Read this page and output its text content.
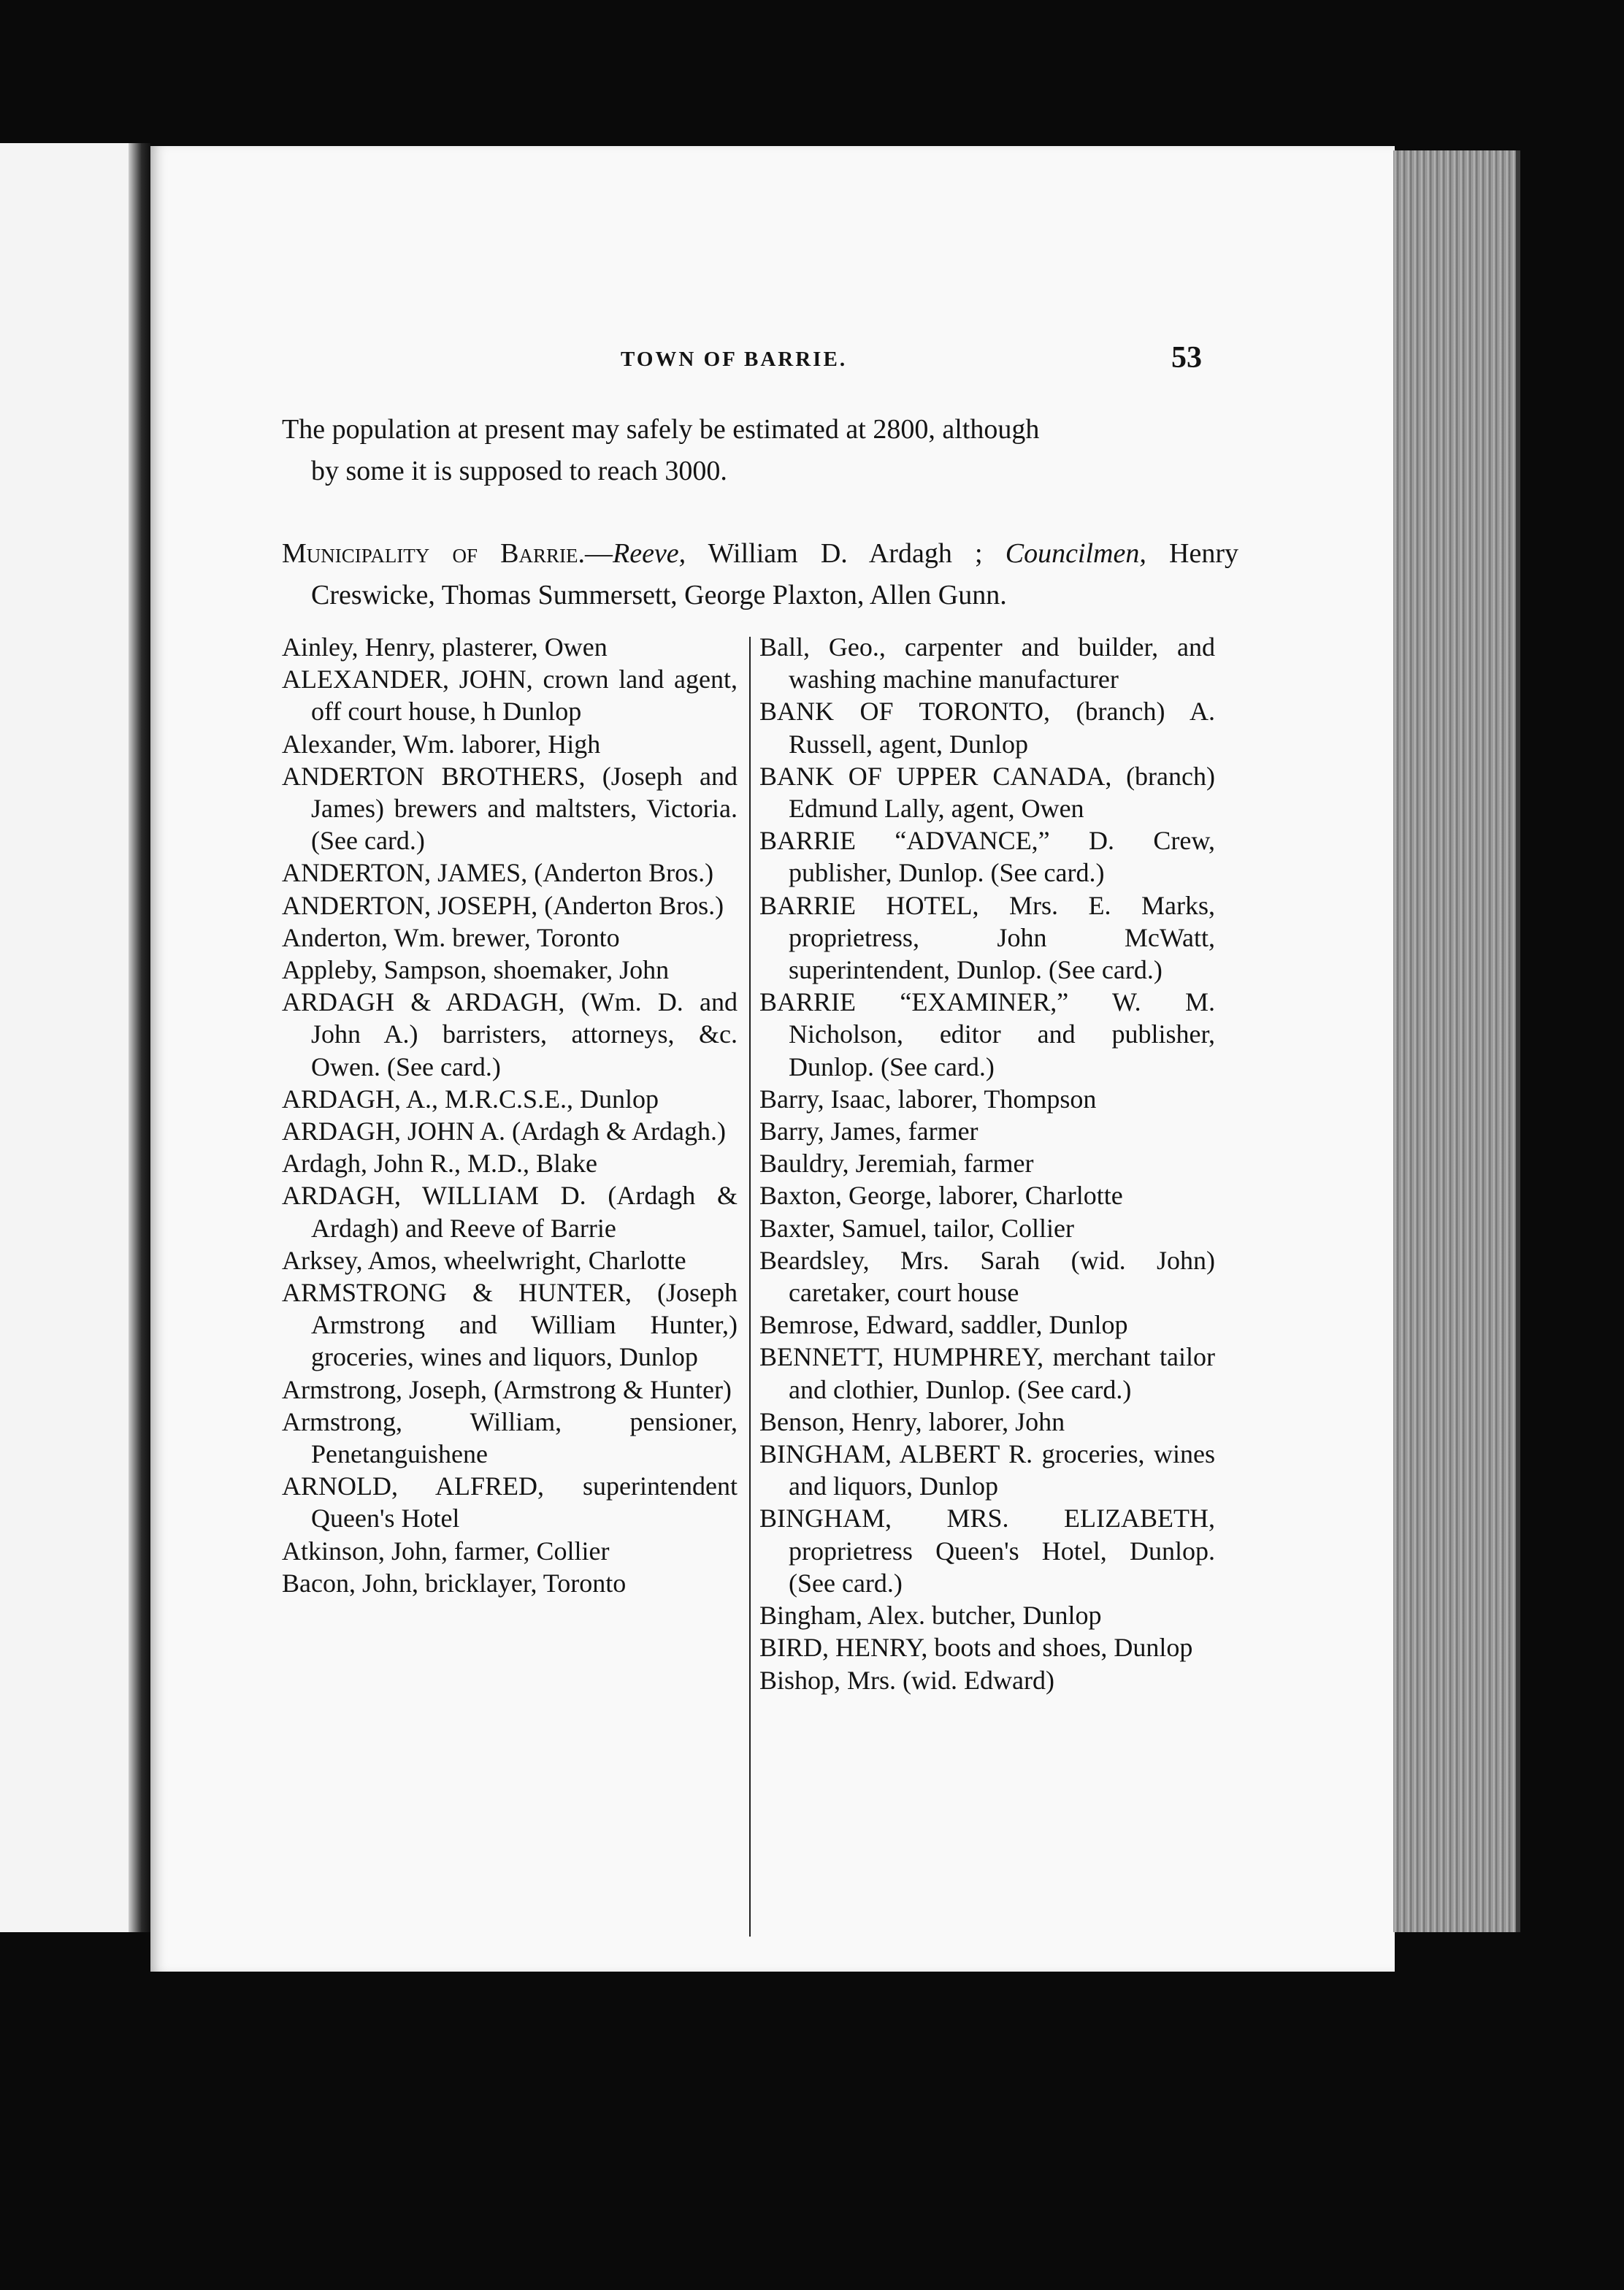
TOWN OF BARRIE.	53
The population at present may safely be estimated at 2800, although
by some it is supposed to reach 3000.
Municipality of Barrie.—Reeve, William D. Ardagh ; Councilmen, Henry Creswicke, Thomas Summersett, George Plaxton, Allen Gunn.

Ainley, Henry, plasterer, Owen

ALEXANDER, JOHN, crown land agent, off court house, h Dunlop

Alexander, Wm. laborer, High

ANDERTON BROTHERS, (Joseph and James) brewers and maltsters, Victoria. (See card.)

ANDERTON, JAMES, (Anderton Bros.)

ANDERTON, JOSEPH, (Anderton Bros.)

Anderton, Wm. brewer, Toronto

Appleby, Sampson, shoemaker, John

ARDAGH & ARDAGH, (Wm. D. and John A.) barristers, attorneys, &c. Owen. (See card.)

ARDAGH, A., M.R.C.S.E., Dunlop

ARDAGH, JOHN A. (Ardagh & Ardagh.)

Ardagh, John R., M.D., Blake

ARDAGH, WILLIAM D. (Ardagh & Ardagh) and Reeve of Barrie

Arksey, Amos, wheelwright, Charlotte

ARMSTRONG & HUNTER, (Joseph Armstrong and William Hunter,) groceries, wines and liquors, Dunlop

Armstrong, Joseph, (Armstrong & Hunter)

Armstrong, William, pensioner, Penetanguishene

ARNOLD, ALFRED, superintendent Queen's Hotel

Atkinson, John, farmer, Collier

Bacon, John, bricklayer, Toronto

Ball, Geo., carpenter and builder, and washing machine manufacturer

BANK OF TORONTO, (branch) A. Russell, agent, Dunlop

BANK OF UPPER CANADA, (branch) Edmund Lally, agent, Owen

BARRIE “ADVANCE,” D. Crew, publisher, Dunlop. (See card.)

BARRIE HOTEL, Mrs. E. Marks, proprietress, John McWatt, superintendent, Dunlop. (See card.)

BARRIE “EXAMINER,” W. M. Nicholson, editor and publisher, Dunlop. (See card.)

Barry, Isaac, laborer, Thompson

Barry, James, farmer

Bauldry, Jeremiah, farmer

Baxton, George, laborer, Charlotte

Baxter, Samuel, tailor, Collier

Beardsley, Mrs. Sarah (wid. John) caretaker, court house

Bemrose, Edward, saddler, Dunlop

BENNETT, HUMPHREY, merchant tailor and clothier, Dunlop. (See card.)

Benson, Henry, laborer, John

BINGHAM, ALBERT R. groceries, wines and liquors, Dunlop

BINGHAM, MRS. ELIZABETH, proprietress Queen's Hotel, Dunlop. (See card.)

Bingham, Alex. butcher, Dunlop

BIRD, HENRY, boots and shoes, Dunlop

Bishop, Mrs. (wid. Edward)
